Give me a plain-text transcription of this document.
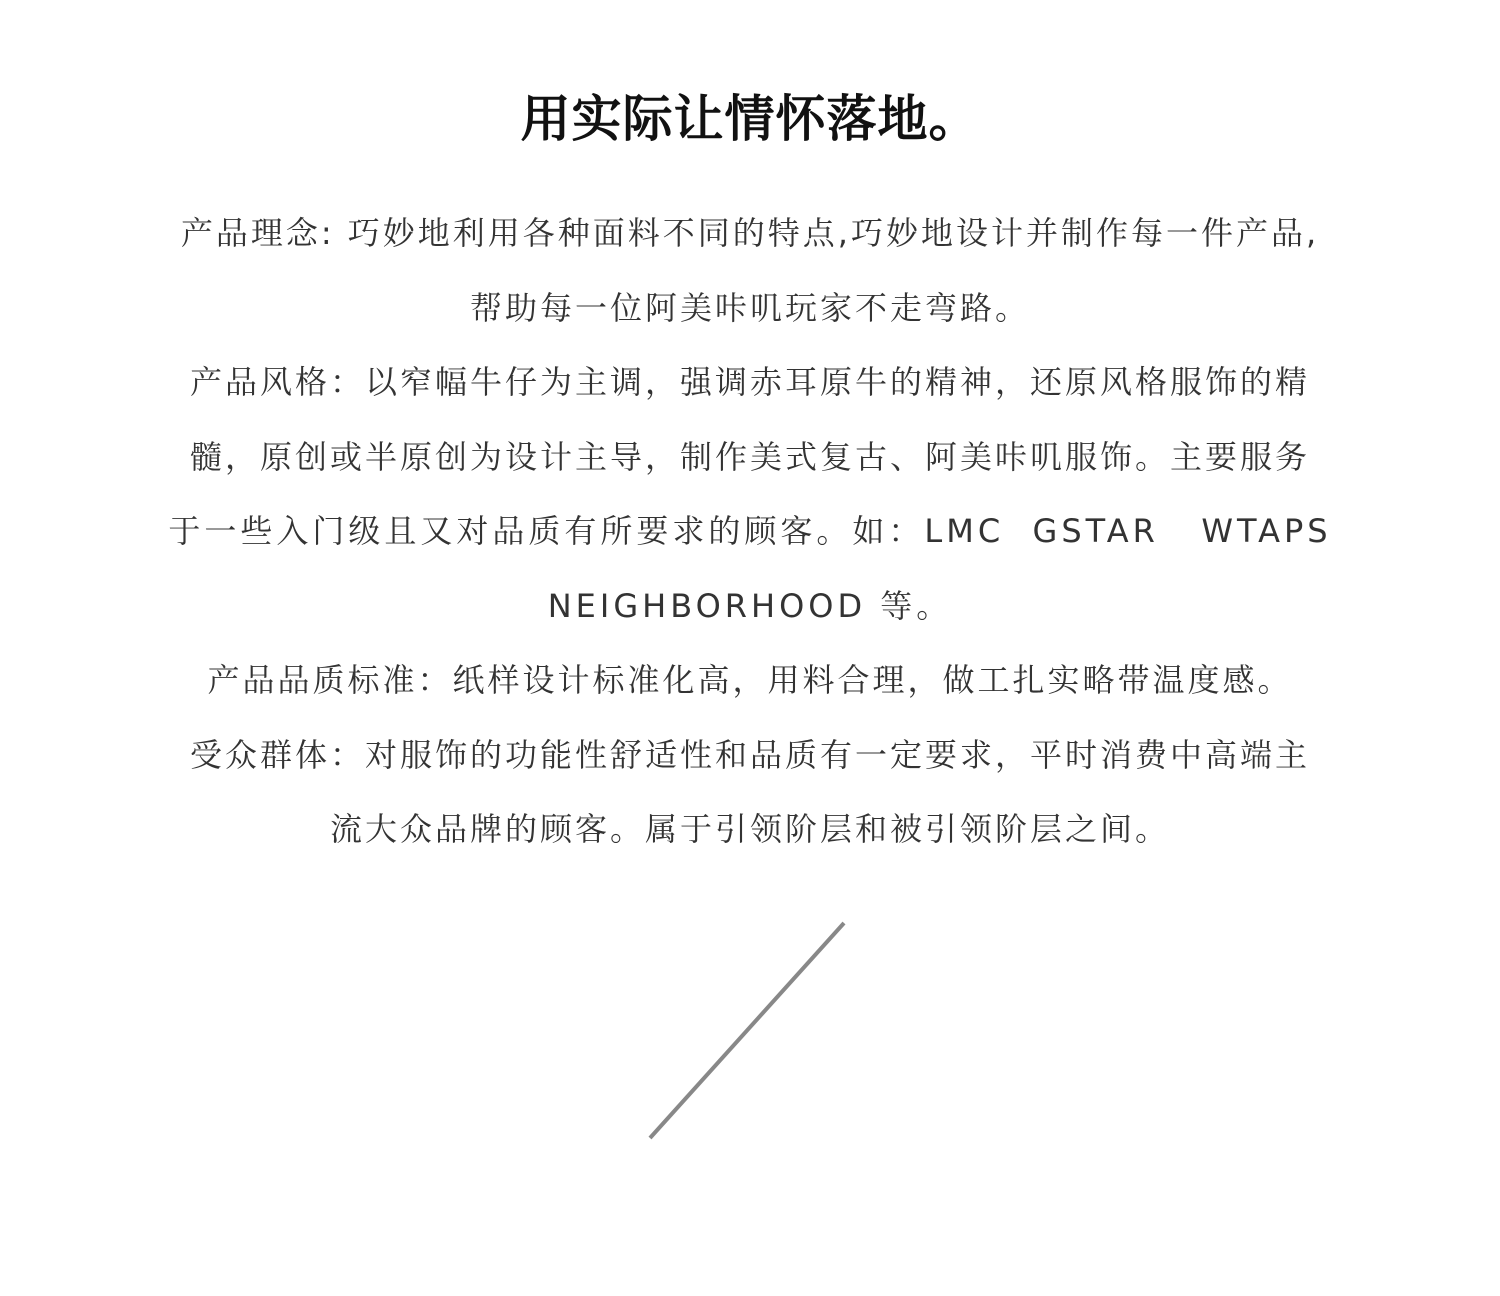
用实际让情怀落地。
产品理念: 巧妙地利用各种面料不同的特点,巧妙地设计并制作每一件产品,
帮助每一位阿美咔叽玩家不走弯路。
产品风格：以窄幅牛仔为主调，强调赤耳原牛的精神，还原风格服饰的精
髓，原创或半原创为设计主导，制作美式复古、阿美咔叽服饰。主要服务
于一些入门级且又对品质有所要求的顾客。如：LMC  GSTAR   WTAPS
NEIGHBORHOOD 等。
产品品质标准：纸样设计标准化高，用料合理，做工扎实略带温度感。
受众群体：对服饰的功能性舒适性和品质有一定要求，平时消费中高端主
流大众品牌的顾客。属于引领阶层和被引领阶层之间。
